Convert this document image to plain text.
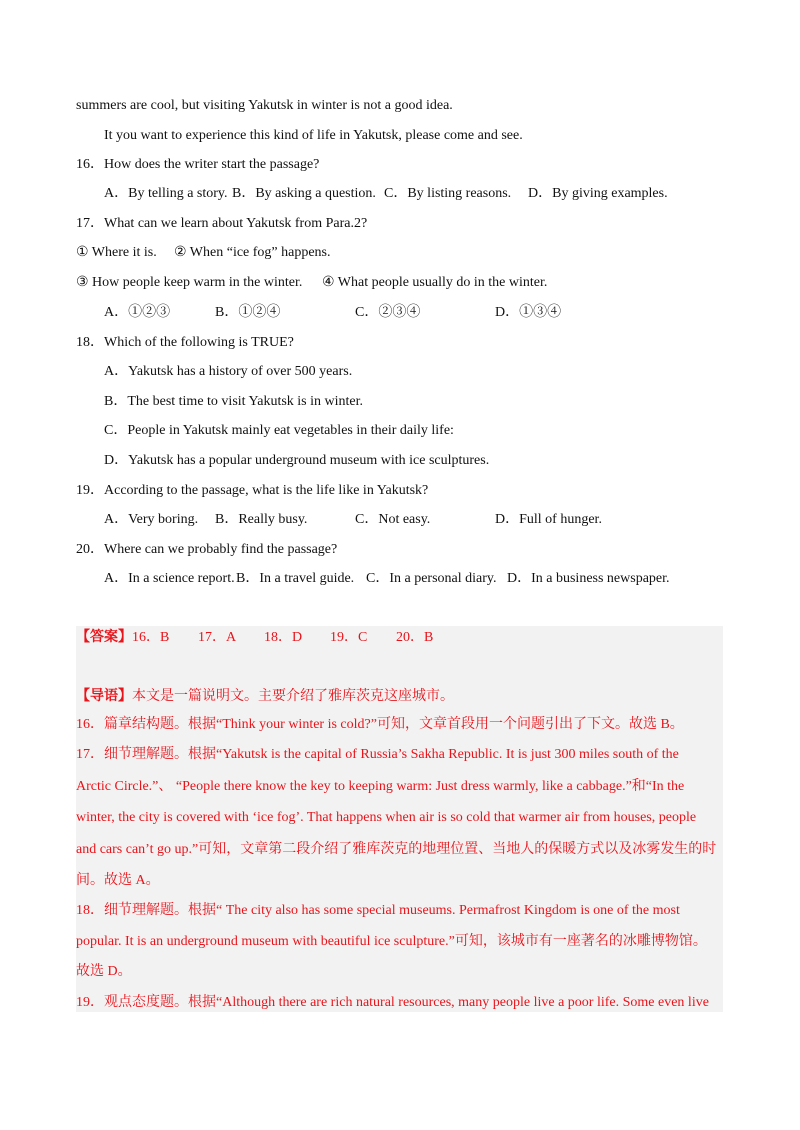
summers are cool, but visiting Yakutsk in winter is not a good idea.
It you want to experience this kind of life in Yakutsk, please come and see.
16．How does the writer start the passage?
A．By telling a story. B．By asking a question. C．By listing reasons. D．By giving examples.
17．What can we learn about Yakutsk from Para.2?
① Where it is. ② When “ice fog” happens.
③ How people keep warm in the winter. ④ What people usually do in the winter.
A．①②③	B．①②④	C．②③④	D．①③④
18．Which of the following is TRUE?
A．Yakutsk has a history of over 500 years.
B．The best time to visit Yakutsk is in winter.
C．People in Yakutsk mainly eat vegetables in their daily life:
D．Yakutsk has a popular underground museum with ice sculptures.
19．According to the passage, what is the life like in Yakutsk?
A．Very boring. B．Really busy.	C．Not easy.	D．Full of hunger.
20．Where can we probably find the passage?
A．In a science report. B．In a travel guide. C．In a personal diary. D．In a business newspaper.
【答案】 16．B 17．A 18．D 19．C 20．B
【导语】 本文是一篇说明文。主要介绍了雅库茨克这座城市。
16．篇章结构题。根据“Think your winter is cold?”可知，文章首段用一个问题引出了下文。故选 B。
17．细节理解题。根据“Yakutsk is the capital of Russia’s Sakha Republic. It is just 300 miles south of the
Arctic Circle.”、 “People there know the key to keeping warm: Just dress warmly, like a cabbage.”和“In the
winter, the city is covered with ‘ice fog’. That happens when air is so cold that warmer air from houses, people
and cars can’t go up.”可知，文章第二段介绍了雅库茨克的地理位置、当地人的保暖方式以及冰雾发生的时
间。故选 A。
18．细节理解题。根据“ The city also has some special museums. Permafrost Kingdom is one of the most
popular. It is an underground museum with beautiful ice sculpture.”可知，该城市有一座著名的冰雕博物馆。
故选 D。
19．观点态度题。根据“Although there are rich natural resources, many people live a poor life. Some even live
